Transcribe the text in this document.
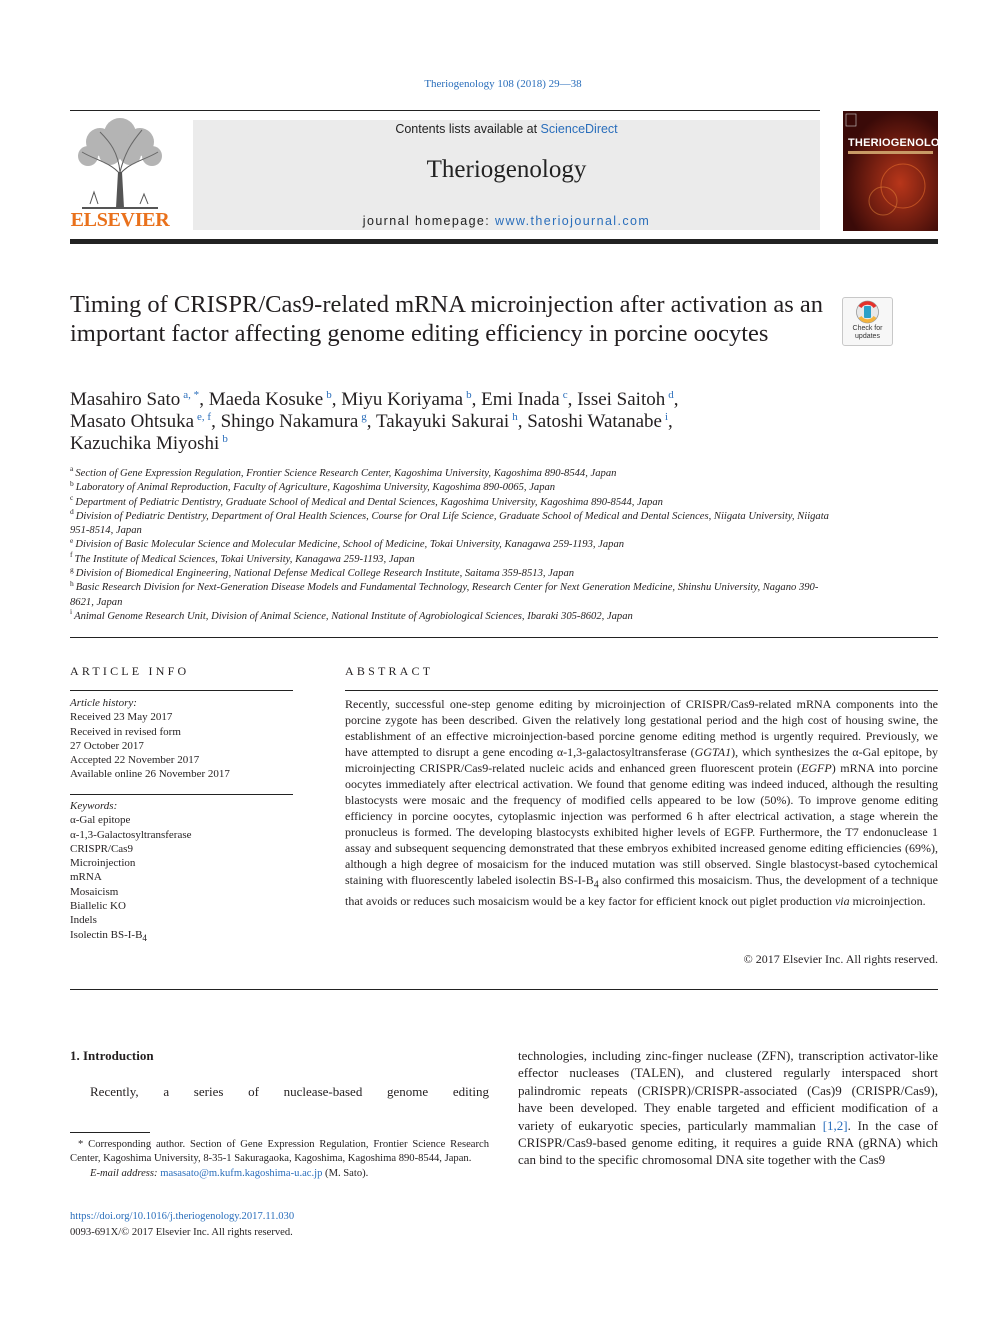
Theriogenology 108 (2018) 29—38
ELSEVIER
Contents lists available at ScienceDirect
Theriogenology
journal homepage: www.theriojournal.com
THERIOGENOLOGY
Timing of CRISPR/Cas9-related mRNA microinjection after activation as an important factor affecting genome editing efficiency in porcine oocytes	Check for updates
Masahiro Sato $^{a, *}$, Maeda Kosuke $^b$, Miyu Koriyama $^b$, Emi Inada $^c$, Issei Saitoh $^d$,
Masato Ohtsuka $^{e, f}$, Shingo Nakamura $^g$, Takayuki Sakurai $^h$, Satoshi Watanabe $^i$,
Kazuchika Miyoshi $^b$
$^a$ Section of Gene Expression Regulation, Frontier Science Research Center, Kagoshima University, Kagoshima 890-8544, Japan
$^b$ Laboratory of Animal Reproduction, Faculty of Agriculture, Kagoshima University, Kagoshima 890-0065, Japan
$^c$ Department of Pediatric Dentistry, Graduate School of Medical and Dental Sciences, Kagoshima University, Kagoshima 890-8544, Japan
$^d$ Division of Pediatric Dentistry, Department of Oral Health Sciences, Course for Oral Life Science, Graduate School of Medical and Dental Sciences, Niigata University, Niigata 951-8514, Japan
$^e$ Division of Basic Molecular Science and Molecular Medicine, School of Medicine, Tokai University, Kanagawa 259-1193, Japan
$^f$ The Institute of Medical Sciences, Tokai University, Kanagawa 259-1193, Japan
$^g$ Division of Biomedical Engineering, National Defense Medical College Research Institute, Saitama 359-8513, Japan
$^h$ Basic Research Division for Next-Generation Disease Models and Fundamental Technology, Research Center for Next Generation Medicine, Shinshu University, Nagano 390-8621, Japan
$^i$ Animal Genome Research Unit, Division of Animal Science, National Institute of Agrobiological Sciences, Ibaraki 305-8602, Japan
ARTICLE INFO
Article history:
Received 23 May 2017
Received in revised form
27 October 2017
Accepted 22 November 2017
Available online 26 November 2017
Keywords:
α-Gal epitope
α-1,3-Galactosyltransferase
CRISPR/Cas9
Microinjection
mRNA
Mosaicism
Biallelic KO
Indels
Isolectin $BS-I-B_4$
ABSTRACT
Recently, successful one-step genome editing by microinjection of CRISPR/Cas9-related mRNA components into the porcine zygote has been described. Given the relatively long gestational period and the high cost of housing swine, the establishment of an effective microinjection-based porcine genome editing method is urgently required. Previously, we have attempted to disrupt a gene encoding α-1,3-galactosyltransferase (GGTA1), which synthesizes the α-Gal epitope, by microinjecting CRISPR/Cas9-related nucleic acids and enhanced green fluorescent protein (EGFP) mRNA into porcine oocytes immediately after electrical activation. We found that genome editing was indeed induced, although the resulting blastocysts were mosaic and the frequency of modified cells appeared to be low (50%). To improve genome editing efficiency in porcine oocytes, cytoplasmic injection was performed 6 h after electrical activation, a stage wherein the pronucleus is formed. The developing blastocysts exhibited higher levels of EGFP. Furthermore, the T7 endonuclease 1 assay and subsequent sequencing demonstrated that these embryos exhibited increased genome editing efficiencies (69%), although a high degree of mosaicism for the induced mutation was still observed. Single blastocyst-based cytochemical staining with fluorescently labeled isolectin $BS-I-B_4$ also confirmed this mosaicism. Thus, the development of a technique that avoids or reduces such mosaicism would be a key factor for efficient knock out piglet production via microinjection.
© 2017 Elsevier Inc. All rights reserved.
1. Introduction
Recently, a series of nuclease-based genome editing
technologies, including zinc-finger nuclease (ZFN), transcription activator-like effector nucleases (TALEN), and clustered regularly interspaced short palindromic repeats (CRISPR)/CRISPR-associated (Cas)9 (CRISPR/Cas9), have been developed. They enable targeted and efficient modification of a variety of eukaryotic species, particularly mammalian [1,2]. In the case of CRISPR/Cas9-based genome editing, it requires a guide RNA (gRNA) which can bind to the specific chromosomal DNA site together with the Cas9
* Corresponding author. Section of Gene Expression Regulation, Frontier Science Research Center, Kagoshima University, 8-35-1 Sakuragaoka, Kagoshima, Kagoshima 890-8544, Japan.
E-mail address: masasato@m.kufm.kagoshima-u.ac.jp (M. Sato).
https://doi.org/10.1016/j.theriogenology.2017.11.030
0093-691X/© 2017 Elsevier Inc. All rights reserved.
